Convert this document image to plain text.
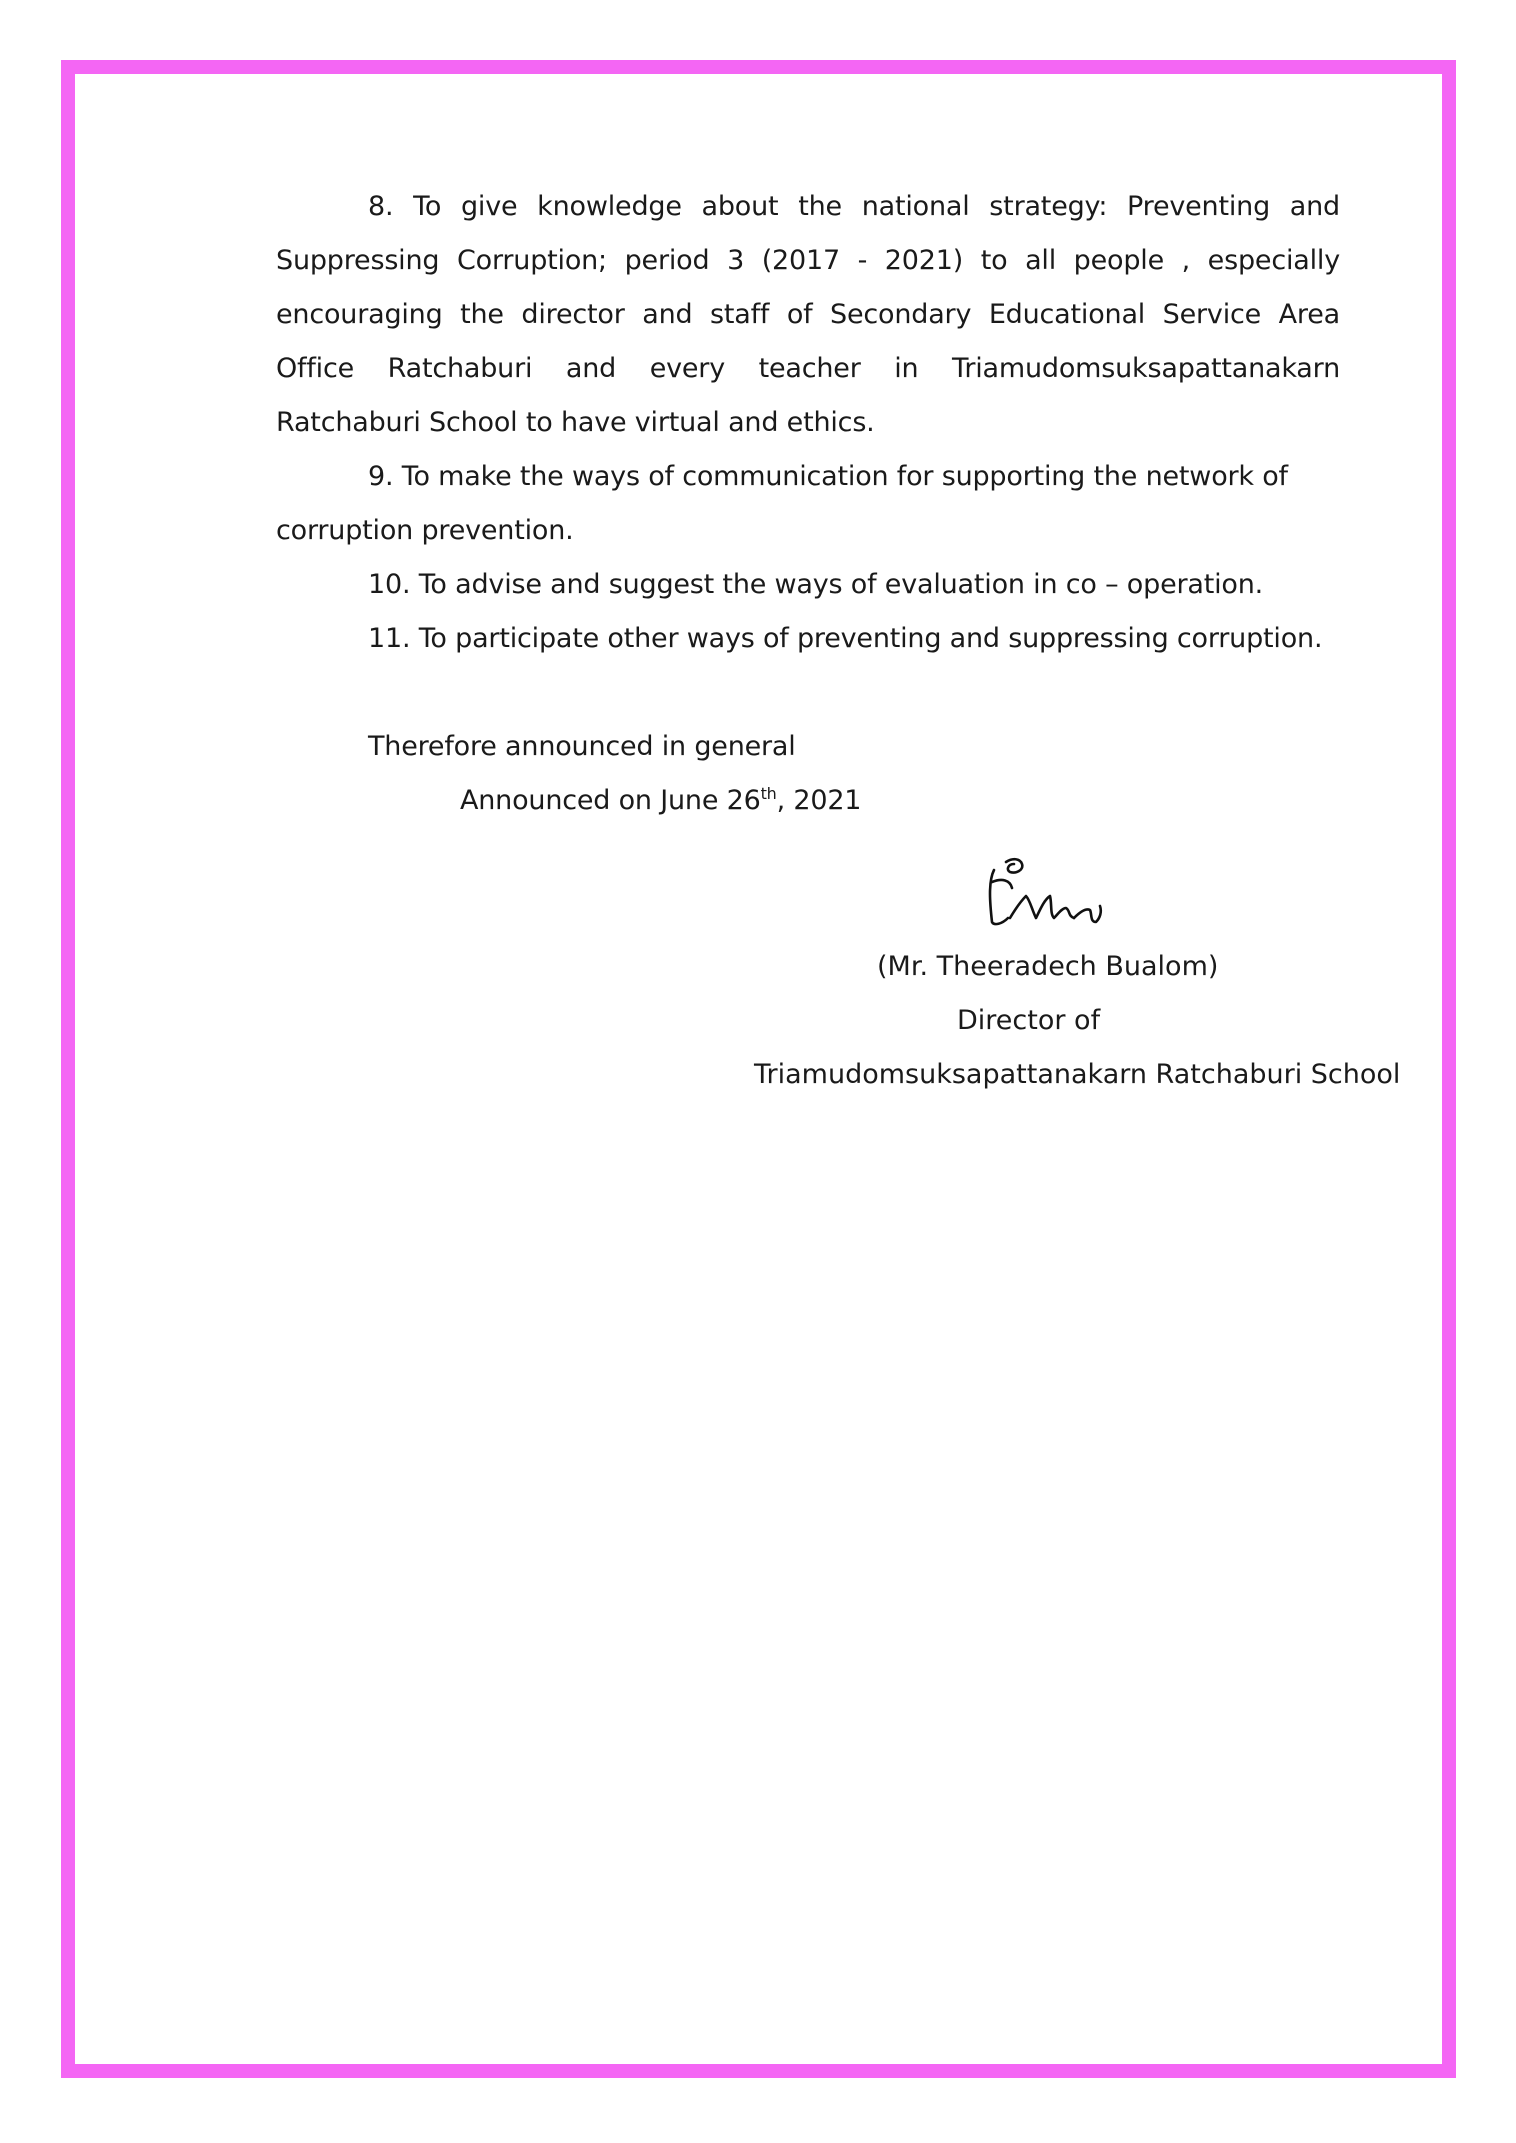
8. To give knowledge about the national strategy: Preventing and Suppressing Corruption; period 3 (2017 - 2021) to all people , especially encouraging the director and staff of Secondary Educational Service Area Office Ratchaburi and every teacher in Triamudomsuksapattanakarn Ratchaburi School to have virtual and ethics.

9. To make the ways of communication for supporting the network of

corruption prevention.

10. To advise and suggest the ways of evaluation in co – operation.

11. To participate other ways of preventing and suppressing corruption.

Therefore announced in general

Announced on June 26th, 2021

(Mr. Theeradech Bualom)
Director of
Triamudomsuksapattanakarn Ratchaburi School
